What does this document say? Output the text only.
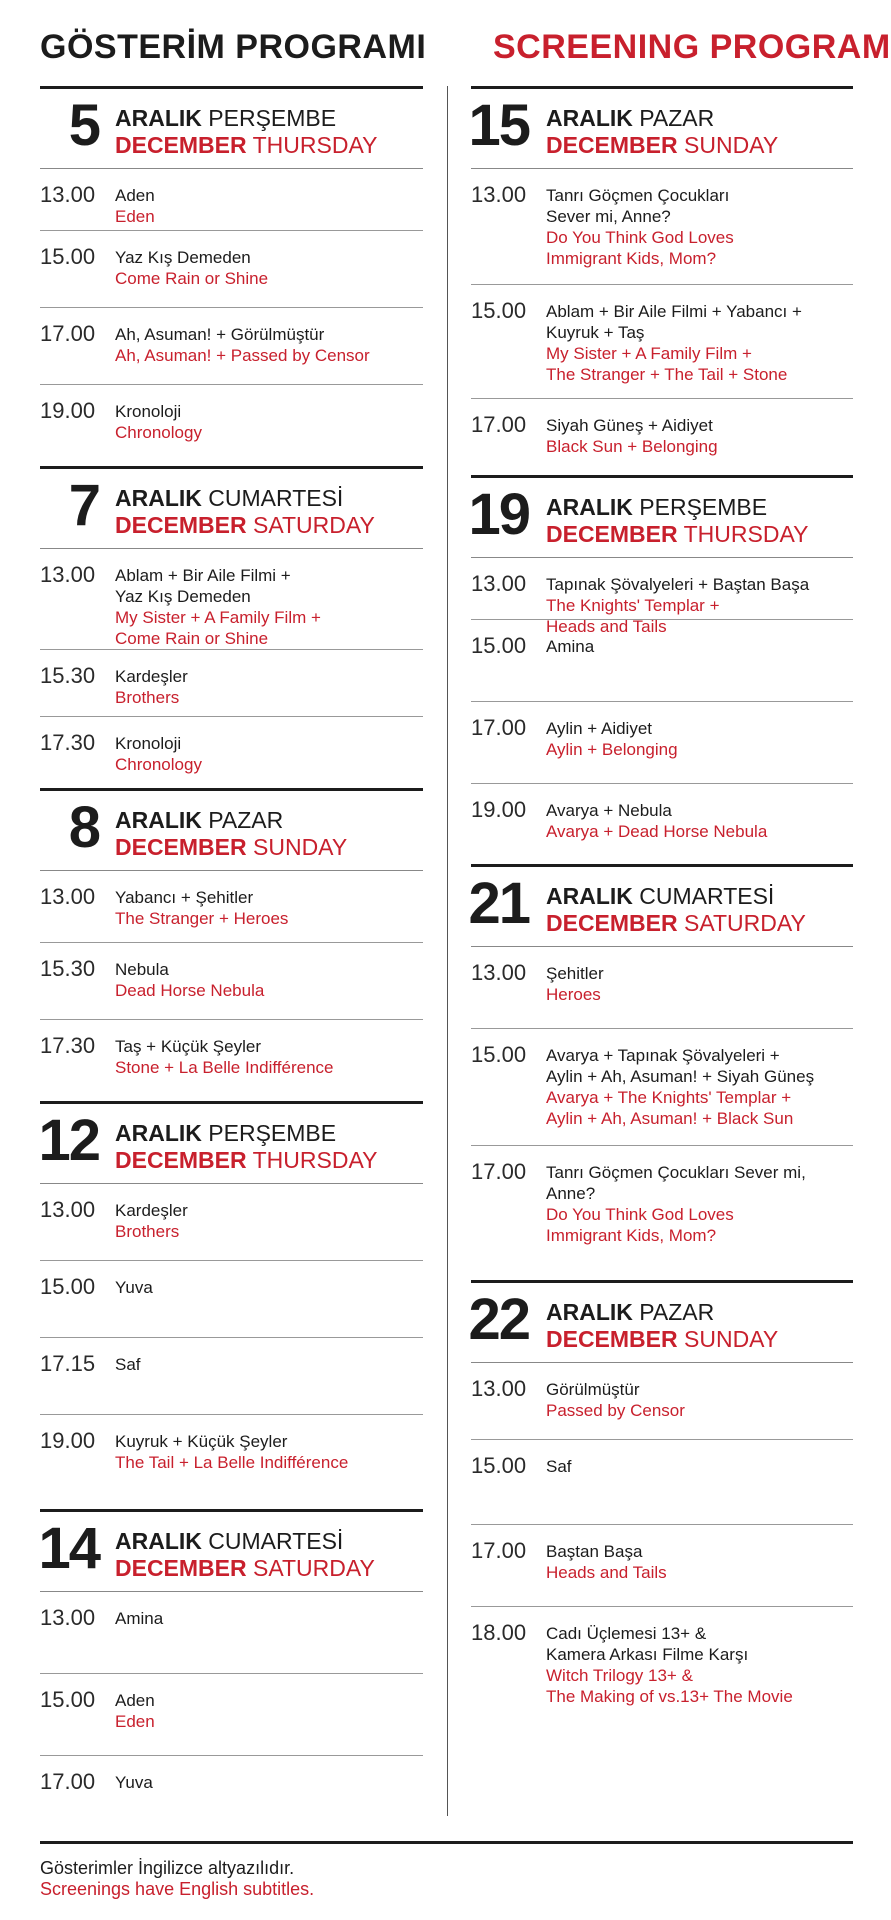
GÖSTERİM PROGRAMI SCREENING PROGRAM
5 ARALIK PERŞEMBE
DECEMBER THURSDAY
13.00 Aden
Eden
15.00 Yaz Kış Demeden
Come Rain or Shine
17.00 Ah, Asuman! + Görülmüştür
Ah, Asuman! + Passed by Censor
19.00 Kronoloji
Chronology
7 ARALIK CUMARTESİ
DECEMBER SATURDAY
13.00 Ablam + Bir Aile Filmi +
Yaz Kış Demeden
My Sister + A Family Film +
Come Rain or Shine
15.30 Kardeşler
Brothers
17.30 Kronoloji
Chronology
8 ARALIK PAZAR
DECEMBER SUNDAY
13.00 Yabancı + Şehitler
The Stranger + Heroes
15.30 Nebula
Dead Horse Nebula
17.30 Taş + Küçük Şeyler
Stone + La Belle Indifférence
12 ARALIK PERŞEMBE
DECEMBER THURSDAY
13.00 Kardeşler
Brothers
15.00 Yuva
17.15 Saf
19.00 Kuyruk + Küçük Şeyler
The Tail + La Belle Indifférence
14 ARALIK CUMARTESİ
DECEMBER SATURDAY
13.00 Amina
15.00 Aden
Eden
17.00 Yuva
15 ARALIK PAZAR
DECEMBER SUNDAY
13.00 Tanrı Göçmen Çocukları
Sever mi, Anne?
Do You Think God Loves
Immigrant Kids, Mom?
15.00 Ablam + Bir Aile Filmi + Yabancı +
Kuyruk + Taş
My Sister + A Family Film +
The Stranger + The Tail + Stone
17.00 Siyah Güneş + Aidiyet
Black Sun + Belonging
19 ARALIK PERŞEMBE
DECEMBER THURSDAY
13.00 Tapınak Şövalyeleri + Baştan Başa
The Knights' Templar +
Heads and Tails
15.00 Amina
17.00 Aylin + Aidiyet
Aylin + Belonging
19.00 Avarya + Nebula
Avarya + Dead Horse Nebula
21 ARALIK CUMARTESİ
DECEMBER SATURDAY
13.00 Şehitler
Heroes
15.00 Avarya + Tapınak Şövalyeleri +
Aylin + Ah, Asuman! + Siyah Güneş
Avarya + The Knights' Templar +
Aylin + Ah, Asuman! + Black Sun
17.00 Tanrı Göçmen Çocukları Sever mi,
Anne?
Do You Think God Loves
Immigrant Kids, Mom?
22 ARALIK PAZAR
DECEMBER SUNDAY
13.00 Görülmüştür
Passed by Censor
15.00 Saf
17.00 Baştan Başa
Heads and Tails
18.00 Cadı Üçlemesi 13+ &
Kamera Arkası Filme Karşı
Witch Trilogy 13+ &
The Making of vs.13+ The Movie
Gösterimler İngilizce altyazılıdır.
Screenings have English subtitles.
